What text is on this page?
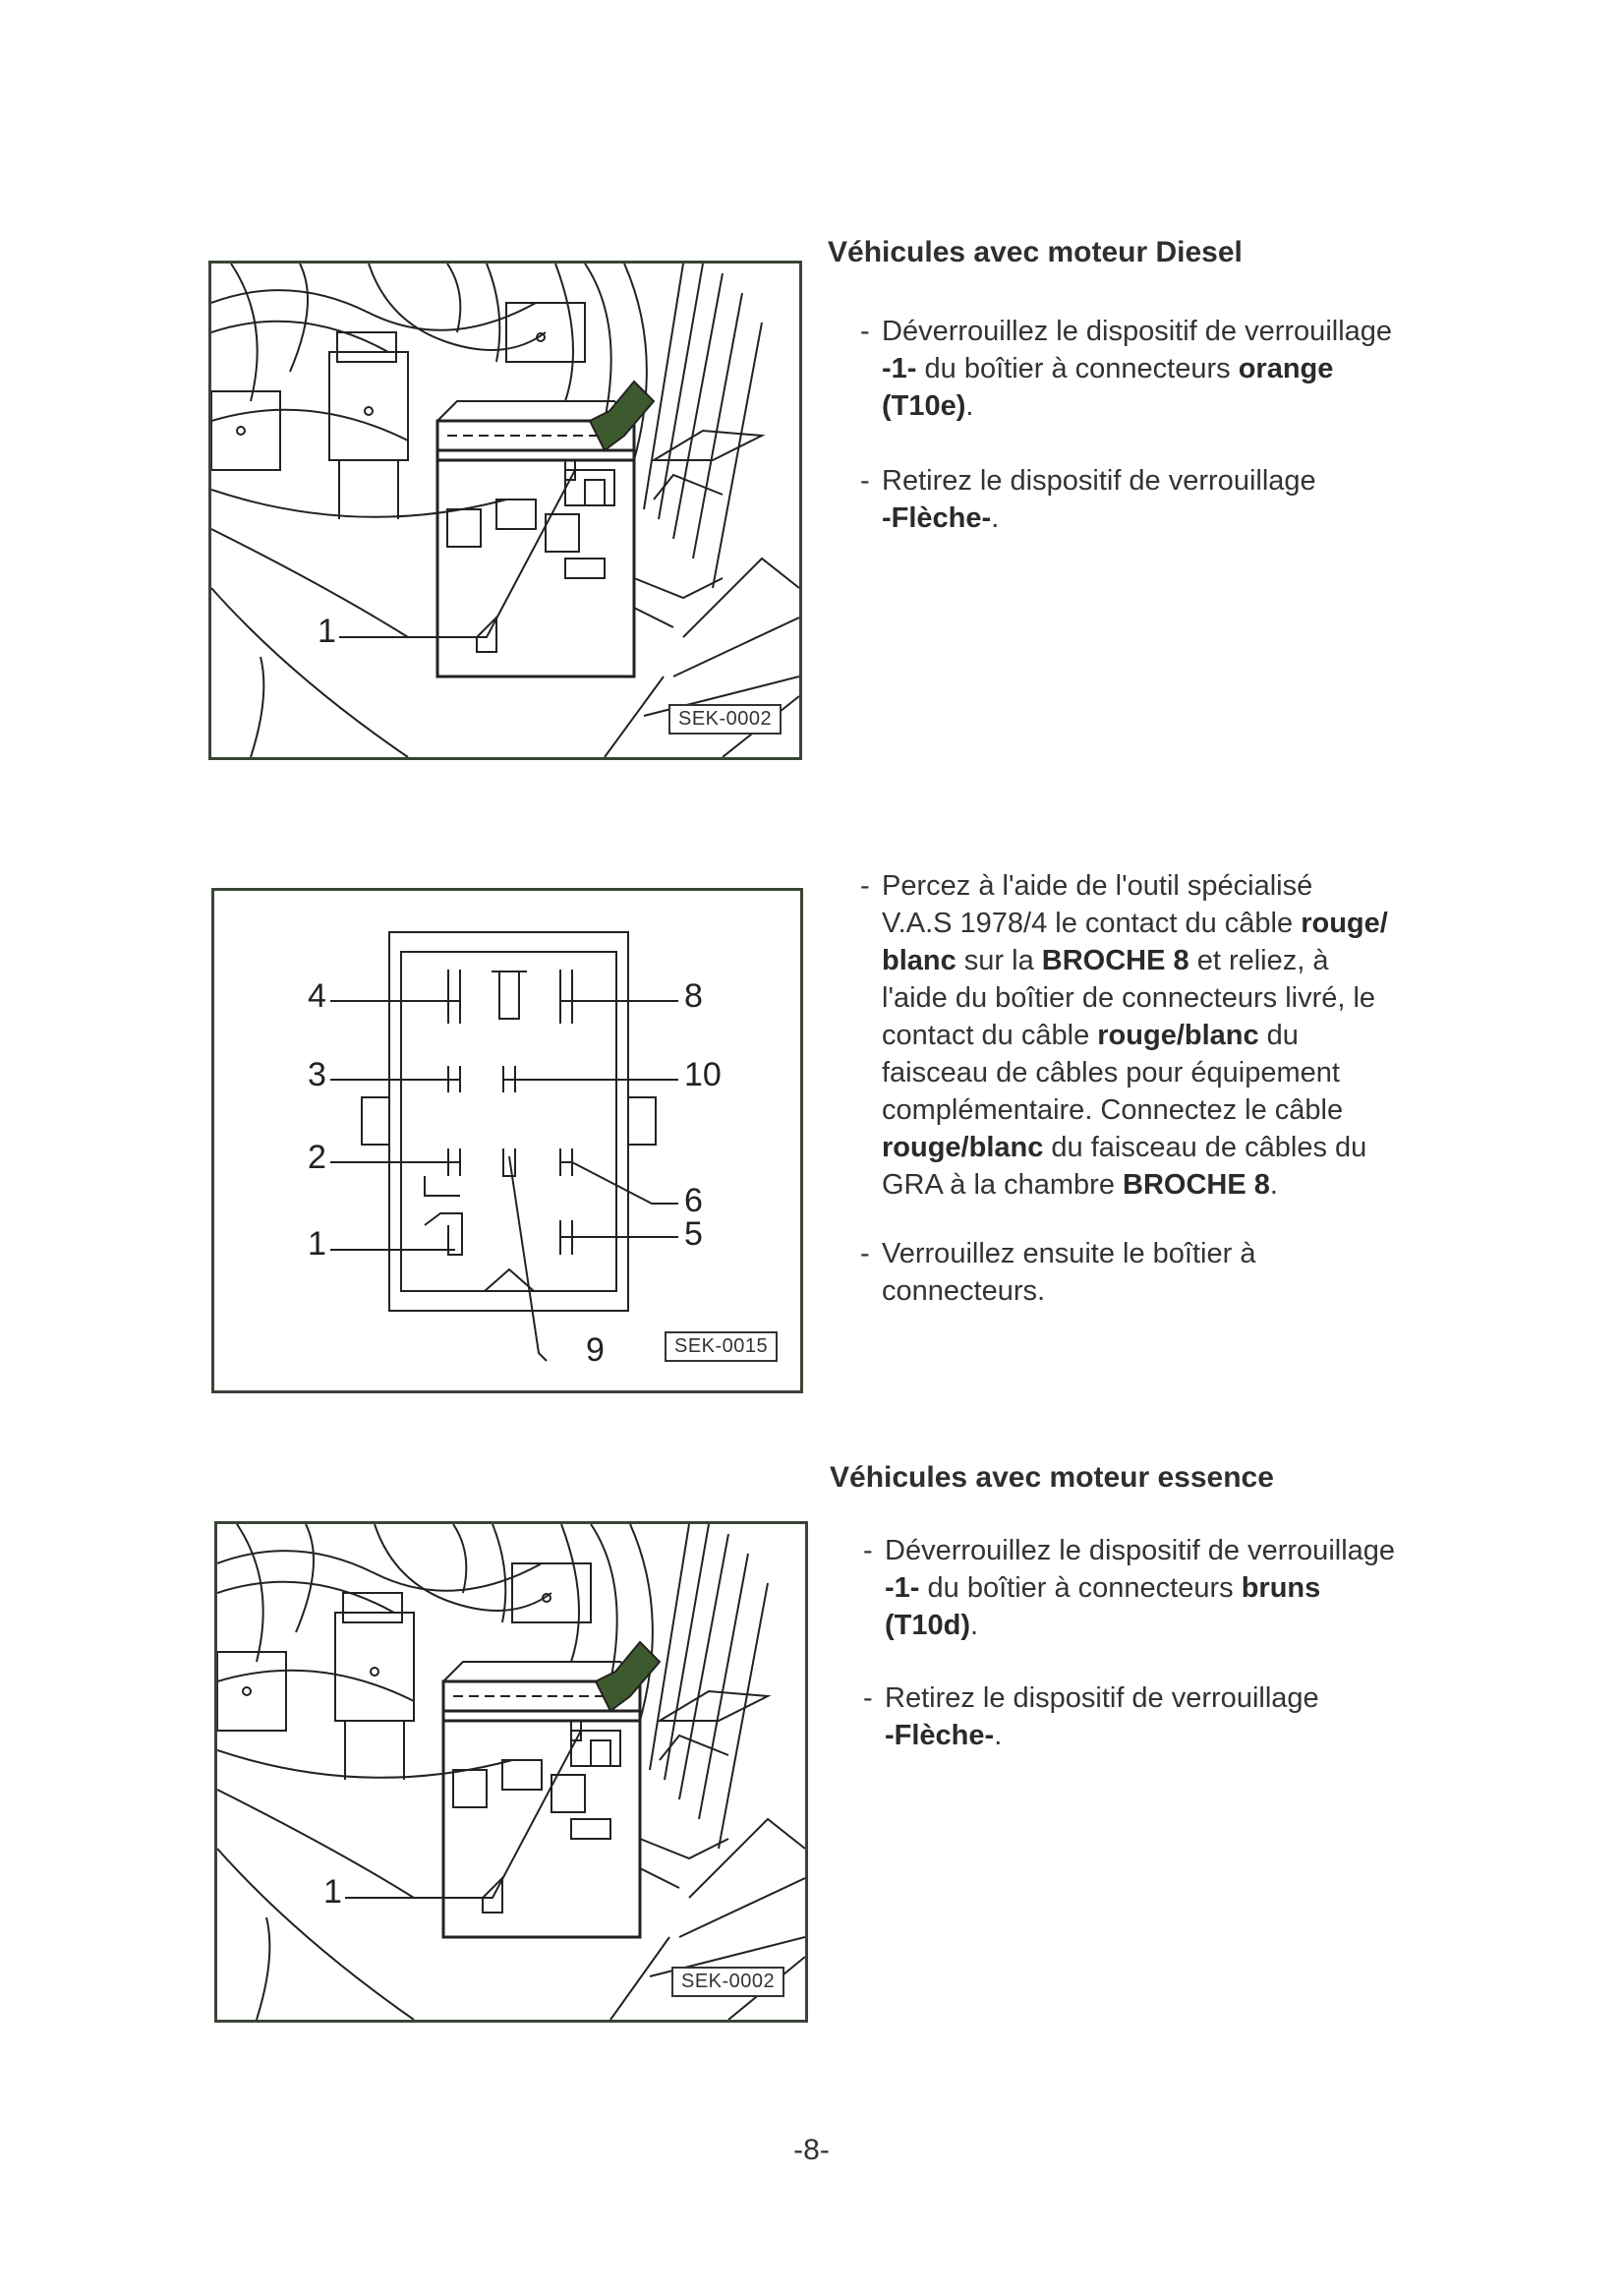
1
SEK-0002
Véhicules avec moteur Diesel

- Déverrouillez le dispositif de verrouillage
-1- du boîtier à connecteurs orange
(T10e).

- Retirez le dispositif de verrouillage
-Flèche-.

4
3
2
1
8
10
6
5
9	SEK-0015

- Percez à l'aide de l'outil spécialisé
V.A.S 1978/4 le contact du câble rouge/
blanc sur la BROCHE 8 et reliez, à
l'aide du boîtier de connecteurs livré, le
contact du câble rouge/blanc du
faisceau de câbles pour équipement
complémentaire. Connectez le câble
rouge/blanc du faisceau de câbles du
GRA à la chambre BROCHE 8.

- Verrouillez ensuite le boîtier à
connecteurs.

Véhicules avec moteur essence
1
SEK-0002

- Déverrouillez le dispositif de verrouillage
-1- du boîtier à connecteurs bruns
(T10d).

- Retirez le dispositif de verrouillage
-Flèche-.

-8-
